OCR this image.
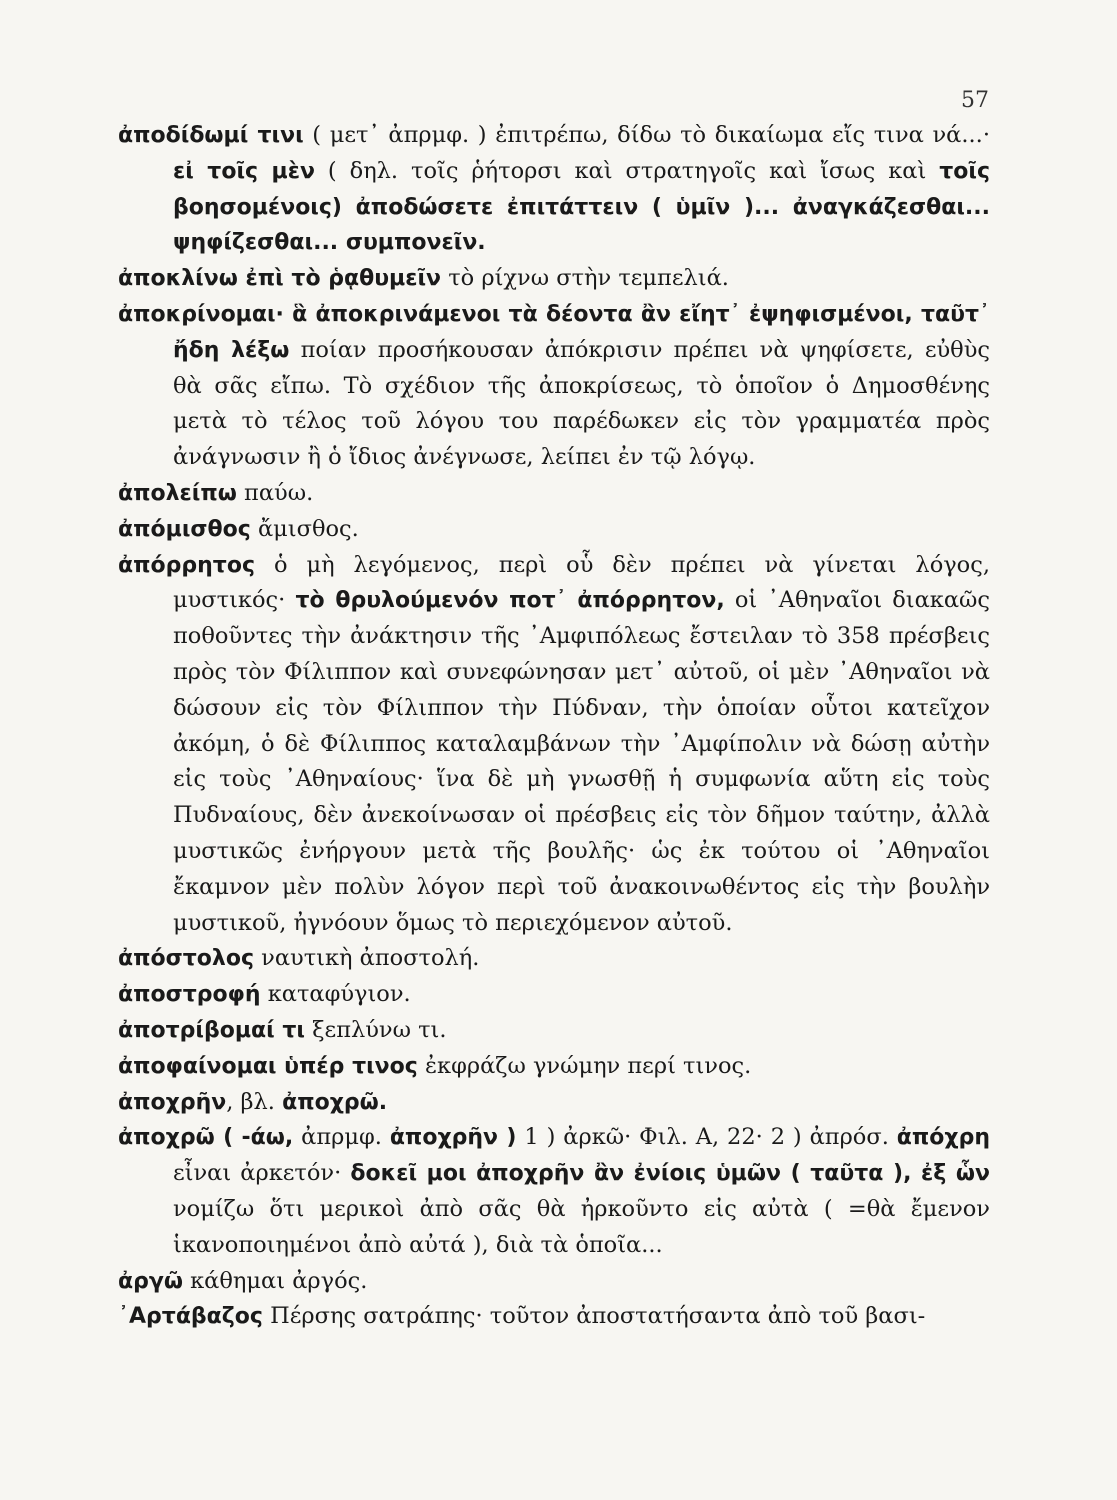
57

ἀποδίδωμί τινι ( μετ᾽ ἀπρμφ. ) ἐπιτρέπω, δίδω τὸ δικαίωμα εἴς τινα νά...· εἰ τοῖς μὲν ( δηλ. τοῖς ῥήτορσι καὶ στρατηγοῖς καὶ ἴσως καὶ τοῖς βοησομένοις) ἀποδώσετε ἐπιτάττειν ( ὑμῖν )... ἀναγκάζεσθαι... ψηφίζεσθαι... συμπονεῖν.

ἀποκλίνω ἐπὶ τὸ ῥᾳθυμεῖν τὸ ρίχνω στὴν τεμπελιά.

ἀποκρίνομαι· ἃ ἀποκρινάμενοι τὰ δέοντα ἂν εἴητ᾽ ἐψηφισμένοι, ταῦτ᾽ ἤδη λέξω ποίαν προσήκουσαν ἀπόκρισιν πρέπει νὰ ψηφίσετε, εὐθὺς θὰ σᾶς εἴπω. Τὸ σχέδιον τῆς ἀποκρίσεως, τὸ ὁποῖον ὁ Δημοσθένης μετὰ τὸ τέλος τοῦ λόγου του παρέδωκεν εἰς τὸν γραμματέα πρὸς ἀνάγνωσιν ἢ ὁ ἴδιος ἀνέγνωσε, λείπει ἐν τῷ λόγῳ.

ἀπολείπω παύω.

ἀπόμισθος ἄμισθος.

ἀπόρρητος ὁ μὴ λεγόμενος, περὶ οὗ δὲν πρέπει νὰ γίνεται λόγος, μυστικός· τὸ θρυλούμενόν ποτ᾽ ἀπόρρητον, οἱ ᾿Αθηναῖοι διακαῶς ποθοῦντες τὴν ἀνάκτησιν τῆς ᾿Αμφιπόλεως ἔστειλαν τὸ 358 πρέσβεις πρὸς τὸν Φίλιππον καὶ συνεφώνησαν μετ᾽ αὐτοῦ, οἱ μὲν ᾿Αθηναῖοι νὰ δώσουν εἰς τὸν Φίλιππον τὴν Πύδναν, τὴν ὁποίαν οὗτοι κατεῖχον ἀκόμη, ὁ δὲ Φίλιππος καταλαμβάνων τὴν ᾿Αμφίπολιν νὰ δώσῃ αὐτὴν εἰς τοὺς ᾿Αθηναίους· ἵνα δὲ μὴ γνωσθῇ ἡ συμφωνία αὕτη εἰς τοὺς Πυδναίους, δὲν ἀνεκοίνωσαν οἱ πρέσβεις εἰς τὸν δῆμον ταύτην, ἀλλὰ μυστικῶς ἐνήργουν μετὰ τῆς βουλῆς· ὡς ἐκ τούτου οἱ ᾿Αθηναῖοι ἔκαμνον μὲν πολὺν λόγον περὶ τοῦ ἀνακοινωθέντος εἰς τὴν βουλὴν μυστικοῦ, ἠγνόουν ὅμως τὸ περιεχόμενον αὐτοῦ.

ἀπόστολος ναυτικὴ ἀποστολή.

ἀποστροφή καταφύγιον.

ἀποτρίβομαί τι ξεπλύνω τι.

ἀποφαίνομαι ὑπέρ τινος ἐκφράζω γνώμην περί τινος.

ἀποχρῆν, βλ. ἀποχρῶ.

ἀποχρῶ ( -άω, ἀπρμφ. ἀποχρῆν ) 1 ) ἀρκῶ· Φιλ. Α, 22· 2 ) ἀπρόσ. ἀπόχρη εἶναι ἀρκετόν· δοκεῖ μοι ἀποχρῆν ἂν ἐνίοις ὑμῶν ( ταῦτα ), ἐξ ὧν νομίζω ὅτι μερικοὶ ἀπὸ σᾶς θὰ ἠρκοῦντο εἰς αὐτὰ ( =θὰ ἔμενον ἱκανοποιημένοι ἀπὸ αὐτά ), διὰ τὰ ὁποῖα...

ἀργῶ κάθημαι ἀργός.

᾿Αρτάβαζος Πέρσης σατράπης· τοῦτον ἀποστατήσαντα ἀπὸ τοῦ βασι-
